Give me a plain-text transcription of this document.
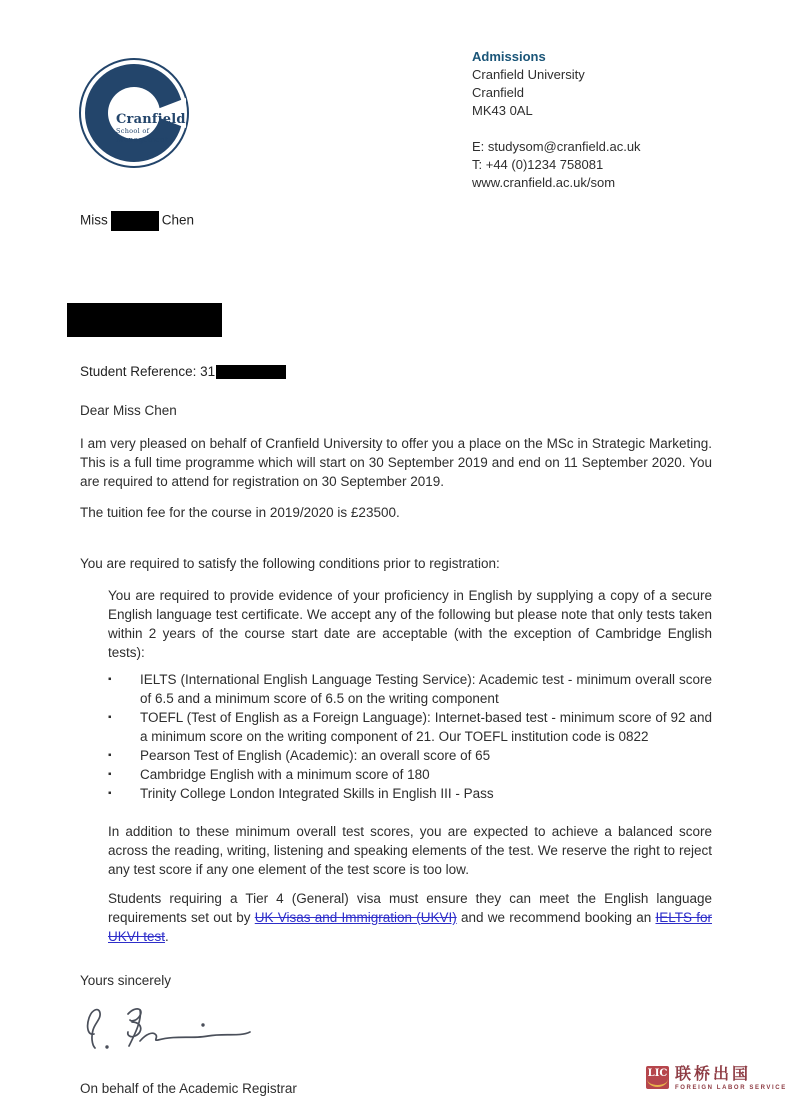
Cranfield
School of
Management
Admissions
Cranfield University
Cranfield
MK43 0AL
E: studysom@cranfield.ac.uk
T: +44 (0)1234 758081
www.cranfield.ac.uk/som
Miss	Chen
Student Reference: 31

Dear Miss Chen

I am very pleased on behalf of Cranfield University to offer you a place on the MSc in Strategic Marketing. This is a full time programme which will start on 30 September 2019 and end on 11 September 2020. You are required to attend for registration on 30 September 2019.

The tuition fee for the course in 2019/2020 is £23500.

You are required to satisfy the following conditions prior to registration:

You are required to provide evidence of your proficiency in English by supplying a copy of a secure English language test certificate. We accept any of the following but please note that only tests taken within 2 years of the course start date are acceptable (with the exception of Cambridge English tests):

▪	IELTS (International English Language Testing Service): Academic test - minimum overall score of 6.5 and a minimum score of 6.5 on the writing component

▪	TOEFL (Test of English as a Foreign Language): Internet-based test - minimum score of 92 and a minimum score on the writing component of 21. Our TOEFL institution code is 0822

▪	Pearson Test of English (Academic): an overall score of 65

▪	Cambridge English with a minimum score of 180

▪	Trinity College London Integrated Skills in English III - Pass

In addition to these minimum overall test scores, you are expected to achieve a balanced score across the reading, writing, listening and speaking elements of the test. We reserve the right to reject any test score if any one element of the test score is too low.

Students requiring a Tier 4 (General) visa must ensure they can meet the English language requirements set out by UK Visas and Immigration (UKVI) and we recommend booking an IELTS for UKVI test.

Yours sincerely

On behalf of the Academic Registrar

LIC 联桥出国
FOREIGN LABOR SERVICE
